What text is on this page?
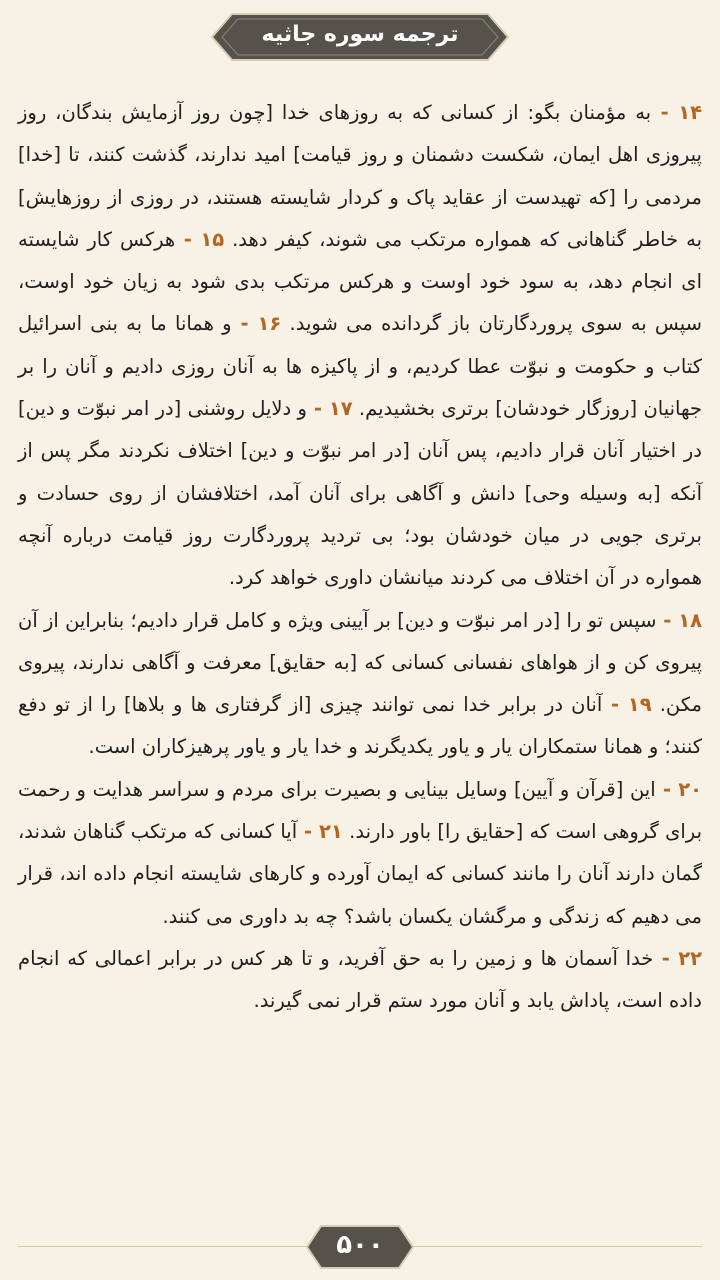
ترجمه سوره جاثیه

۱۴ - به مؤمنان بگو: از کسانی که به روزهای خدا [چون روز آزمایش بندگان، روز پیروزی اهل ایمان، شکست دشمنان و روز قیامت] امید ندارند، گذشت کنند، تا [خدا] مردمی را [که تهیدست از عقاید پاک و کردار شایسته هستند، در روزی از روزهایش] به خاطر گناهانی که همواره مرتکب می شوند، کیفر دهد. ۱۵ - هرکس کار شایسته ای انجام دهد، به سود خود اوست و هرکس مرتکب بدی شود به زیان خود اوست، سپس به سوی پروردگارتان باز گردانده می شوید. ۱۶ - و همانا ما به بنی اسرائیل کتاب و حکومت و نبوّت عطا کردیم، و از پاکیزه ها به آنان روزی دادیم و آنان را بر جهانیان [روزگار خودشان] برتری بخشیدیم. ۱۷ - و دلایل روشنی [در امر نبوّت و دین] در اختیار آنان قرار دادیم، پس آنان [در امر نبوّت و دین] اختلاف نکردند مگر پس از آنکه [به وسیله وحی] دانش و آگاهی برای آنان آمد، اختلافشان از روی حسادت و برتری جویی در میان خودشان بود؛ بی تردید پروردگارت روز قیامت درباره آنچه همواره در آن اختلاف می کردند میانشان داوری خواهد کرد.

۱۸ - سپس تو را [در امر نبوّت و دین] بر آیینی ویژه و کامل قرار دادیم؛ بنابراین از آن پیروی کن و از هواهای نفسانی کسانی که [به حقایق] معرفت و آگاهی ندارند، پیروی مکن. ۱۹ - آنان در برابر خدا نمی توانند چیزی [از گرفتاری ها و بلاها] را از تو دفع کنند؛ و همانا ستمکاران یار و یاور یکدیگرند و خدا یار و یاور پرهیزکاران است.

۲۰ - این [قرآن و آیین] وسایل بینایی و بصیرت برای مردم و سراسر هدایت و رحمت برای گروهی است که [حقایق را] باور دارند. ۲۱ - آیا کسانی که مرتکب گناهان شدند، گمان دارند آنان را مانند کسانی که ایمان آورده و کارهای شایسته انجام داده اند، قرار می دهیم که زندگی و مرگشان یکسان باشد؟ چه بد داوری می کنند.

۲۲ - خدا آسمان ها و زمین را به حق آفرید، و تا هر کس در برابر اعمالی که انجام داده است، پاداش یابد و آنان مورد ستم قرار نمی گیرند.

۵۰۰
